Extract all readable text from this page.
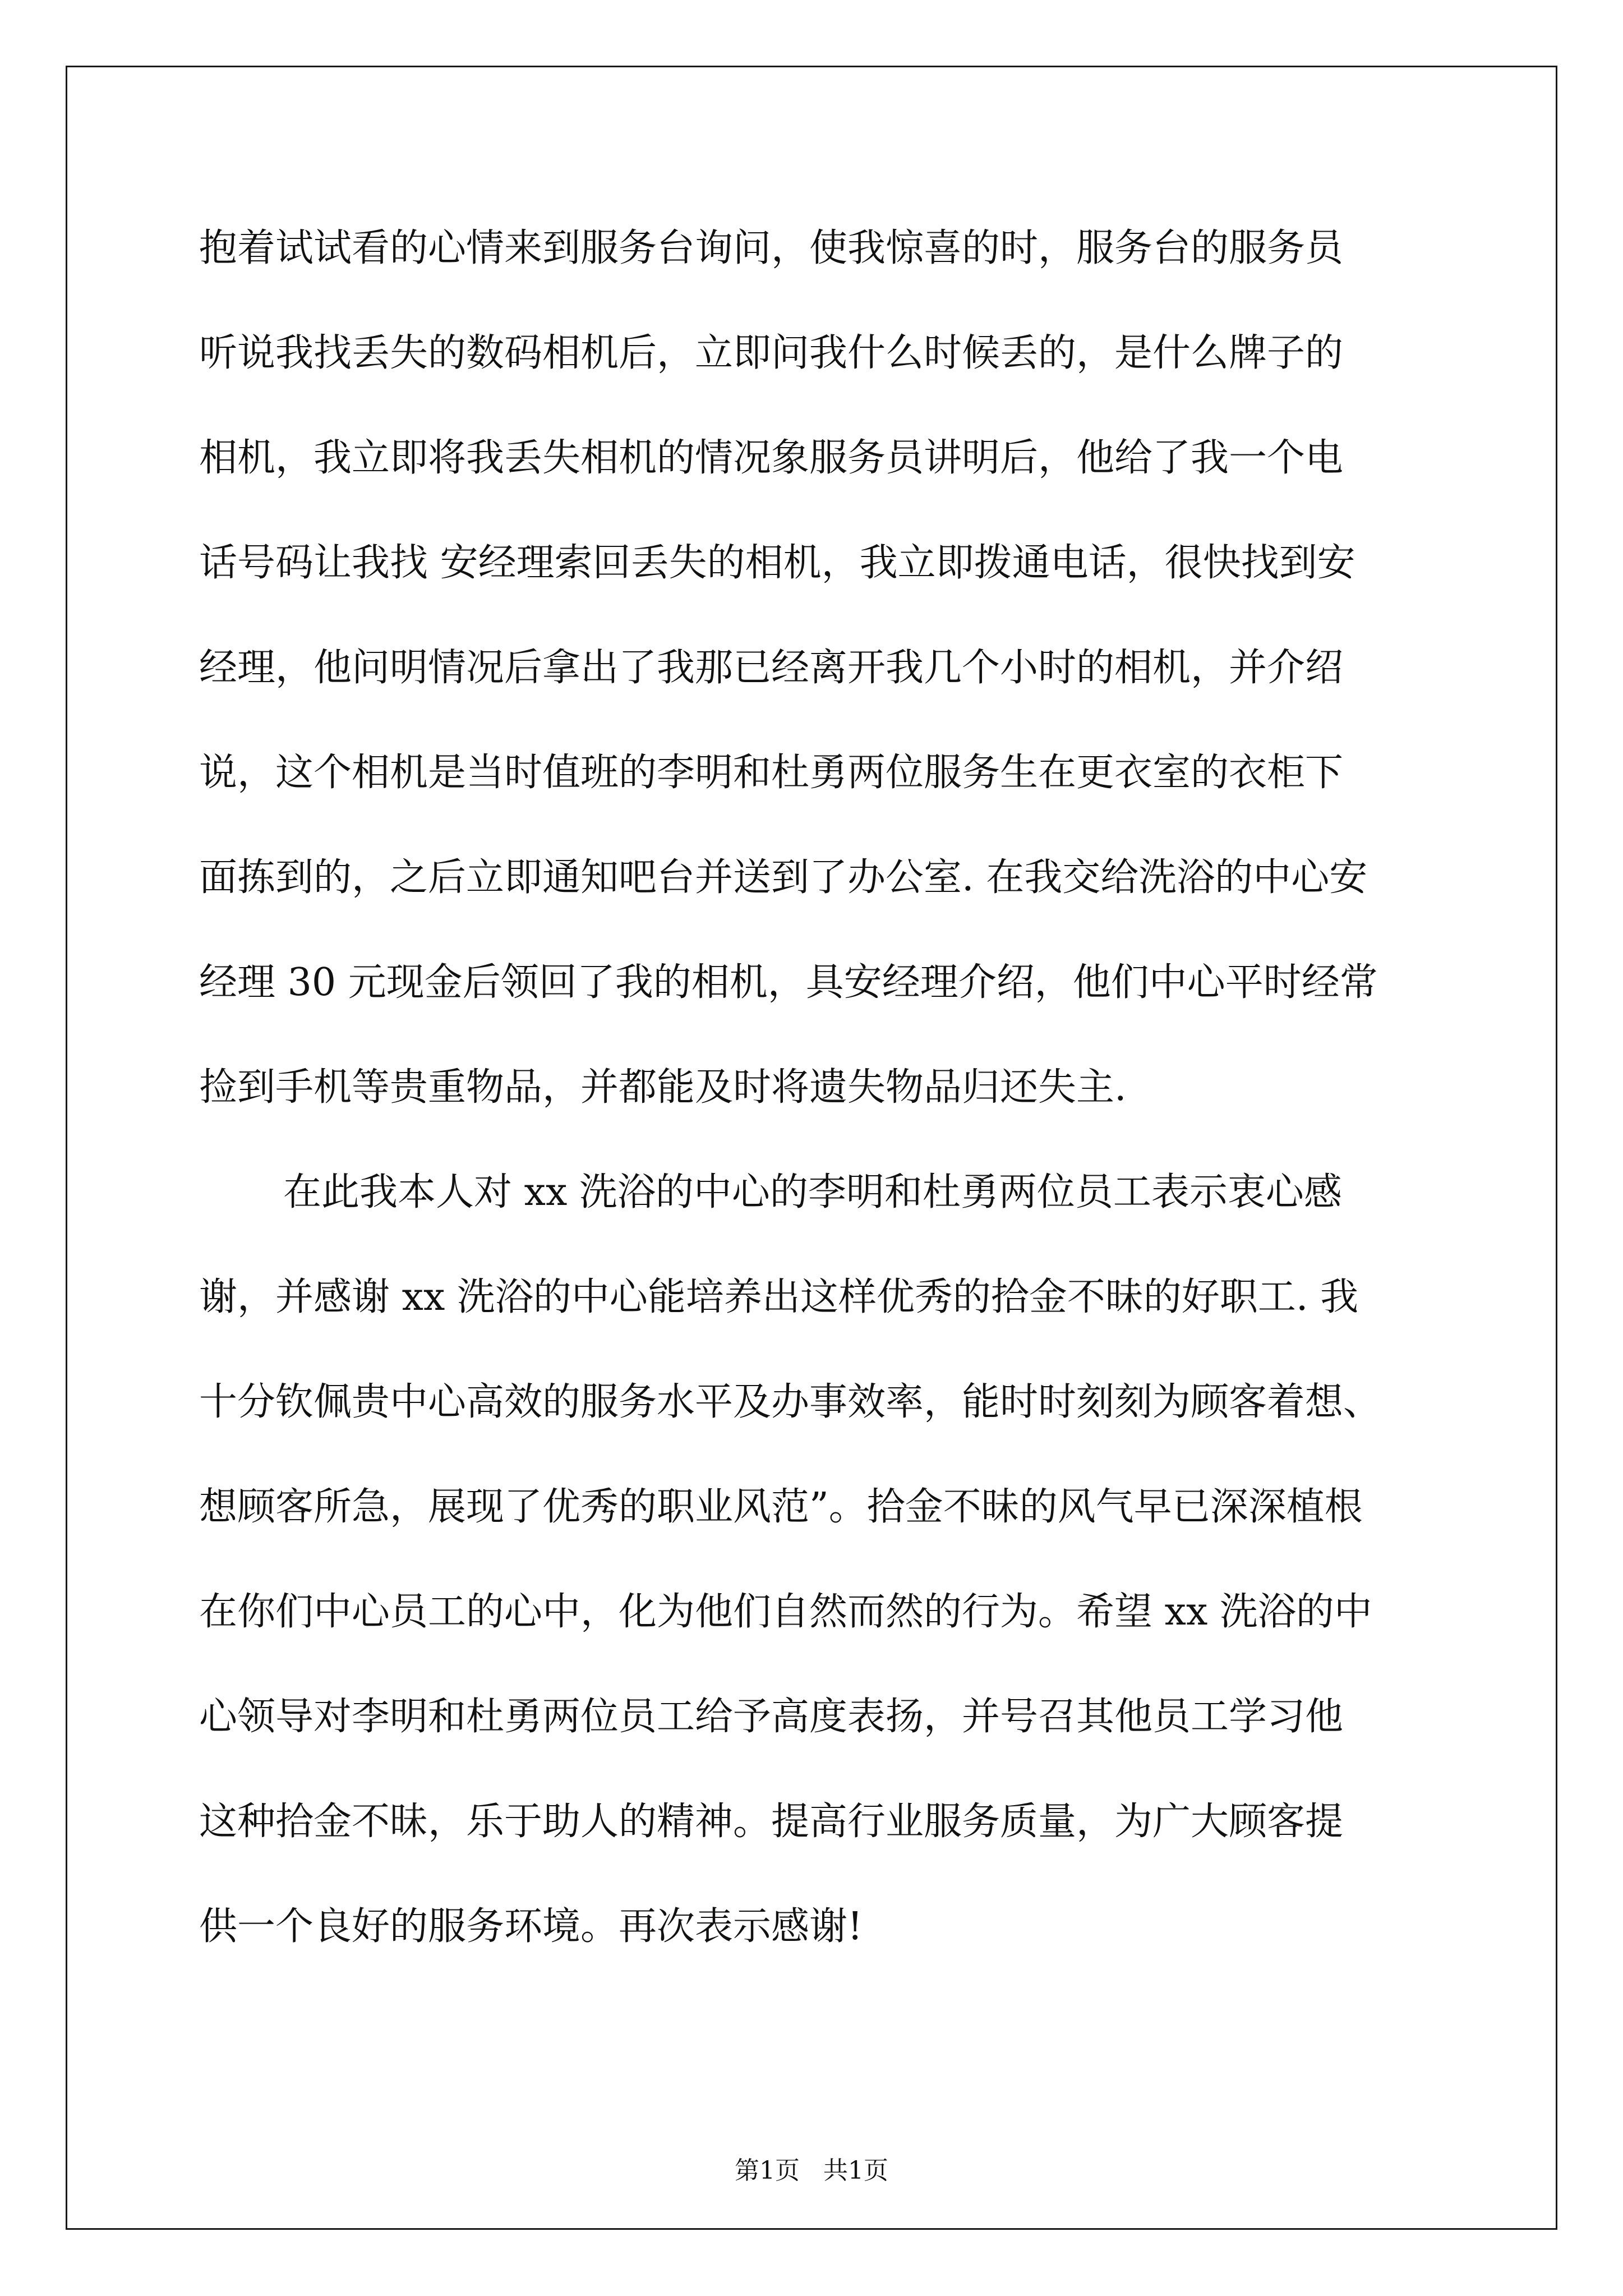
抱着试试看的心情来到服务台询问，使我惊喜的时，服务台的服务员
听说我找丢失的数码相机后，立即问我什么时候丢的，是什么牌子的
相机，我立即将我丢失相机的情况象服务员讲明后，他给了我一个电
话号码让我找 安经理索回丢失的相机，我立即拨通电话，很快找到安
经理，他问明情况后拿出了我那已经离开我几个小时的相机，并介绍
说，这个相机是当时值班的李明和杜勇两位服务生在更衣室的衣柜下
面拣到的，之后立即通知吧台并送到了办公室. 在我交给洗浴的中心安
经理 30 元现金后领回了我的相机，具安经理介绍，他们中心平时经常
捡到手机等贵重物品，并都能及时将遗失物品归还失主.
在此我本人对 xx 洗浴的中心的李明和杜勇两位员工表示衷心感
谢，并感谢 xx 洗浴的中心能培养出这样优秀的拾金不昧的好职工. 我
十分钦佩贵中心高效的服务水平及办事效率，能时时刻刻为顾客着想、
想顾客所急，展现了优秀的职业风范”。拾金不昧的风气早已深深植根
在你们中心员工的心中，化为他们自然而然的行为。希望 xx 洗浴的中
心领导对李明和杜勇两位员工给予高度表扬，并号召其他员工学习他
这种拾金不昧，乐于助人的精神。提高行业服务质量，为广大顾客提
供一个良好的服务环境。再次表示感谢!
第1页   共1页
